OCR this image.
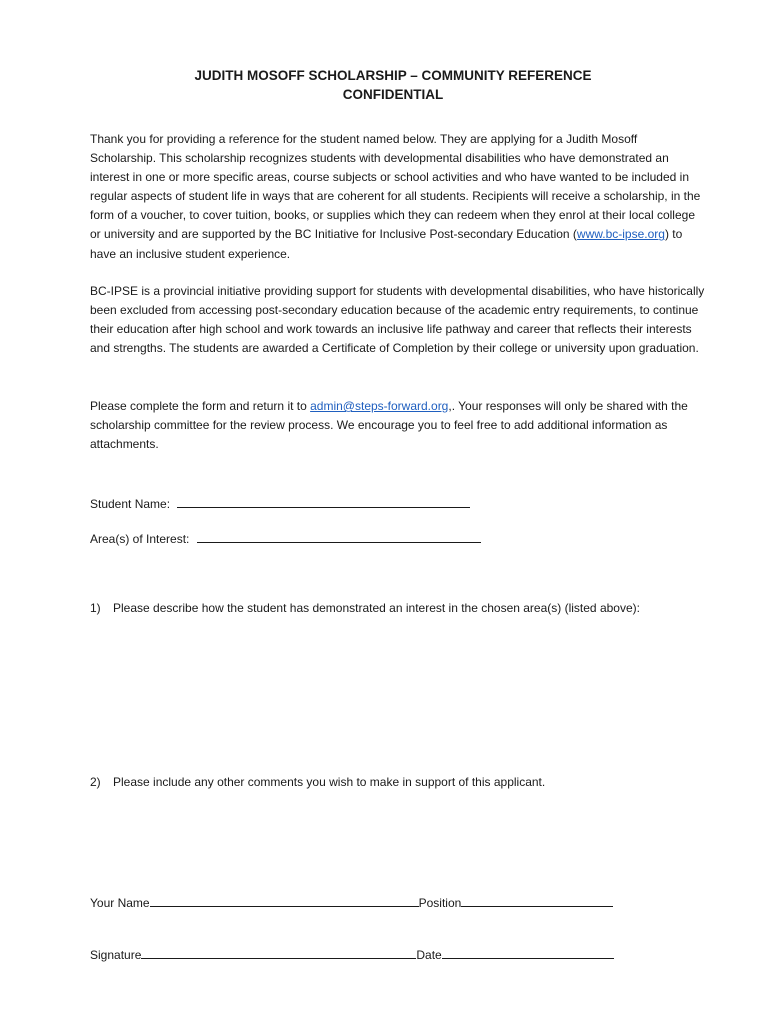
JUDITH MOSOFF SCHOLARSHIP – COMMUNITY REFERENCE
CONFIDENTIAL

Thank you for providing a reference for the student named below. They are applying for a Judith Mosoff Scholarship. This scholarship recognizes students with developmental disabilities who have demonstrated an interest in one or more specific areas, course subjects or school activities and who have wanted to be included in regular aspects of student life in ways that are coherent for all students. Recipients will receive a scholarship, in the form of a voucher, to cover tuition, books, or supplies which they can redeem when they enrol at their local college or university and are supported by the BC Initiative for Inclusive Post-secondary Education (www.bc-ipse.org) to have an inclusive student experience.

BC-IPSE is a provincial initiative providing support for students with developmental disabilities, who have historically been excluded from accessing post-secondary education because of the academic entry requirements, to continue their education after high school and work towards an inclusive life pathway and career that reflects their interests and strengths. The students are awarded a Certificate of Completion by their college or university upon graduation.

Please complete the form and return it to admin@steps-forward.org,. Your responses will only be shared with the scholarship committee for the review process. We encourage you to feel free to add additional information as attachments.

Student Name:
Area(s) of Interest:
1) Please describe how the student has demonstrated an interest in the chosen area(s) (listed above):
2) Please include any other comments you wish to make in support of this applicant.
Your Name	Position
Signature	Date
